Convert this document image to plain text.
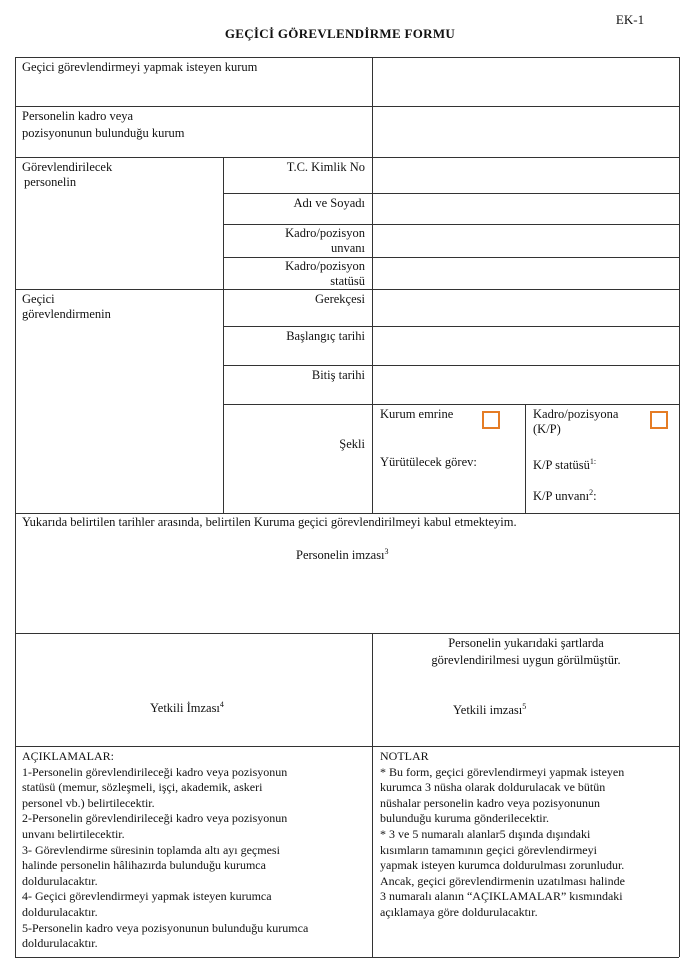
EK-1
GEÇİCİ GÖREVLENDİRME FORMU
Geçici görevlendirmeyi yapmak isteyen kurum
Personelin kadro veya
pozisyonunun bulunduğu kurum
Görevlendirilecek
personelin
T.C. Kimlik No
Adı ve Soyadı
Kadro/pozisyon
unvanı
Kadro/pozisyon
statüsü
Geçici
görevlendirmenin
Gerekçesi
Başlangıç tarihi
Bitiş tarihi
Şekli
Kurum emrine
Yürütülecek görev:
Kadro/pozisyona
(K/P)
K/P statüsü$^{1:}$
K/P unvanı$^2$:
Yukarıda belirtilen tarihler arasında, belirtilen Kuruma geçici görevlendirilmeyi kabul etmekteyim.
Personelin imzası$^3$
Yetkili İmzası$^4$
Personelin yukarıdaki şartlarda
görevlendirilmesi uygun görülmüştür.
Yetkili imzası$^5$
AÇIKLAMALAR:
1-Personelin görevlendirileceği kadro veya pozisyonun
statüsü (memur, sözleşmeli, işçi, akademik, askeri
personel vb.) belirtilecektir.
2-Personelin görevlendirileceği kadro veya pozisyonun
unvanı belirtilecektir.
3- Görevlendirme süresinin toplamda altı ayı geçmesi
halinde personelin hâlihazırda bulunduğu kurumca
doldurulacaktır.
4- Geçici görevlendirmeyi yapmak isteyen kurumca
doldurulacaktır.
5-Personelin kadro veya pozisyonunun bulunduğu kurumca
doldurulacaktır.
NOTLAR
* Bu form, geçici görevlendirmeyi yapmak isteyen
kurumca 3 nüsha olarak doldurulacak ve bütün
nüshalar personelin kadro veya pozisyonunun
bulunduğu kuruma gönderilecektir.
* 3 ve 5 numaralı alanlar5 dışında dışındaki
kısımların tamamının geçici görevlendirmeyi
yapmak isteyen kurumca doldurulması zorunludur.
Ancak, geçici görevlendirmenin uzatılması halinde
3 numaralı alanın “AÇIKLAMALAR” kısmındaki
açıklamaya göre doldurulacaktır.
